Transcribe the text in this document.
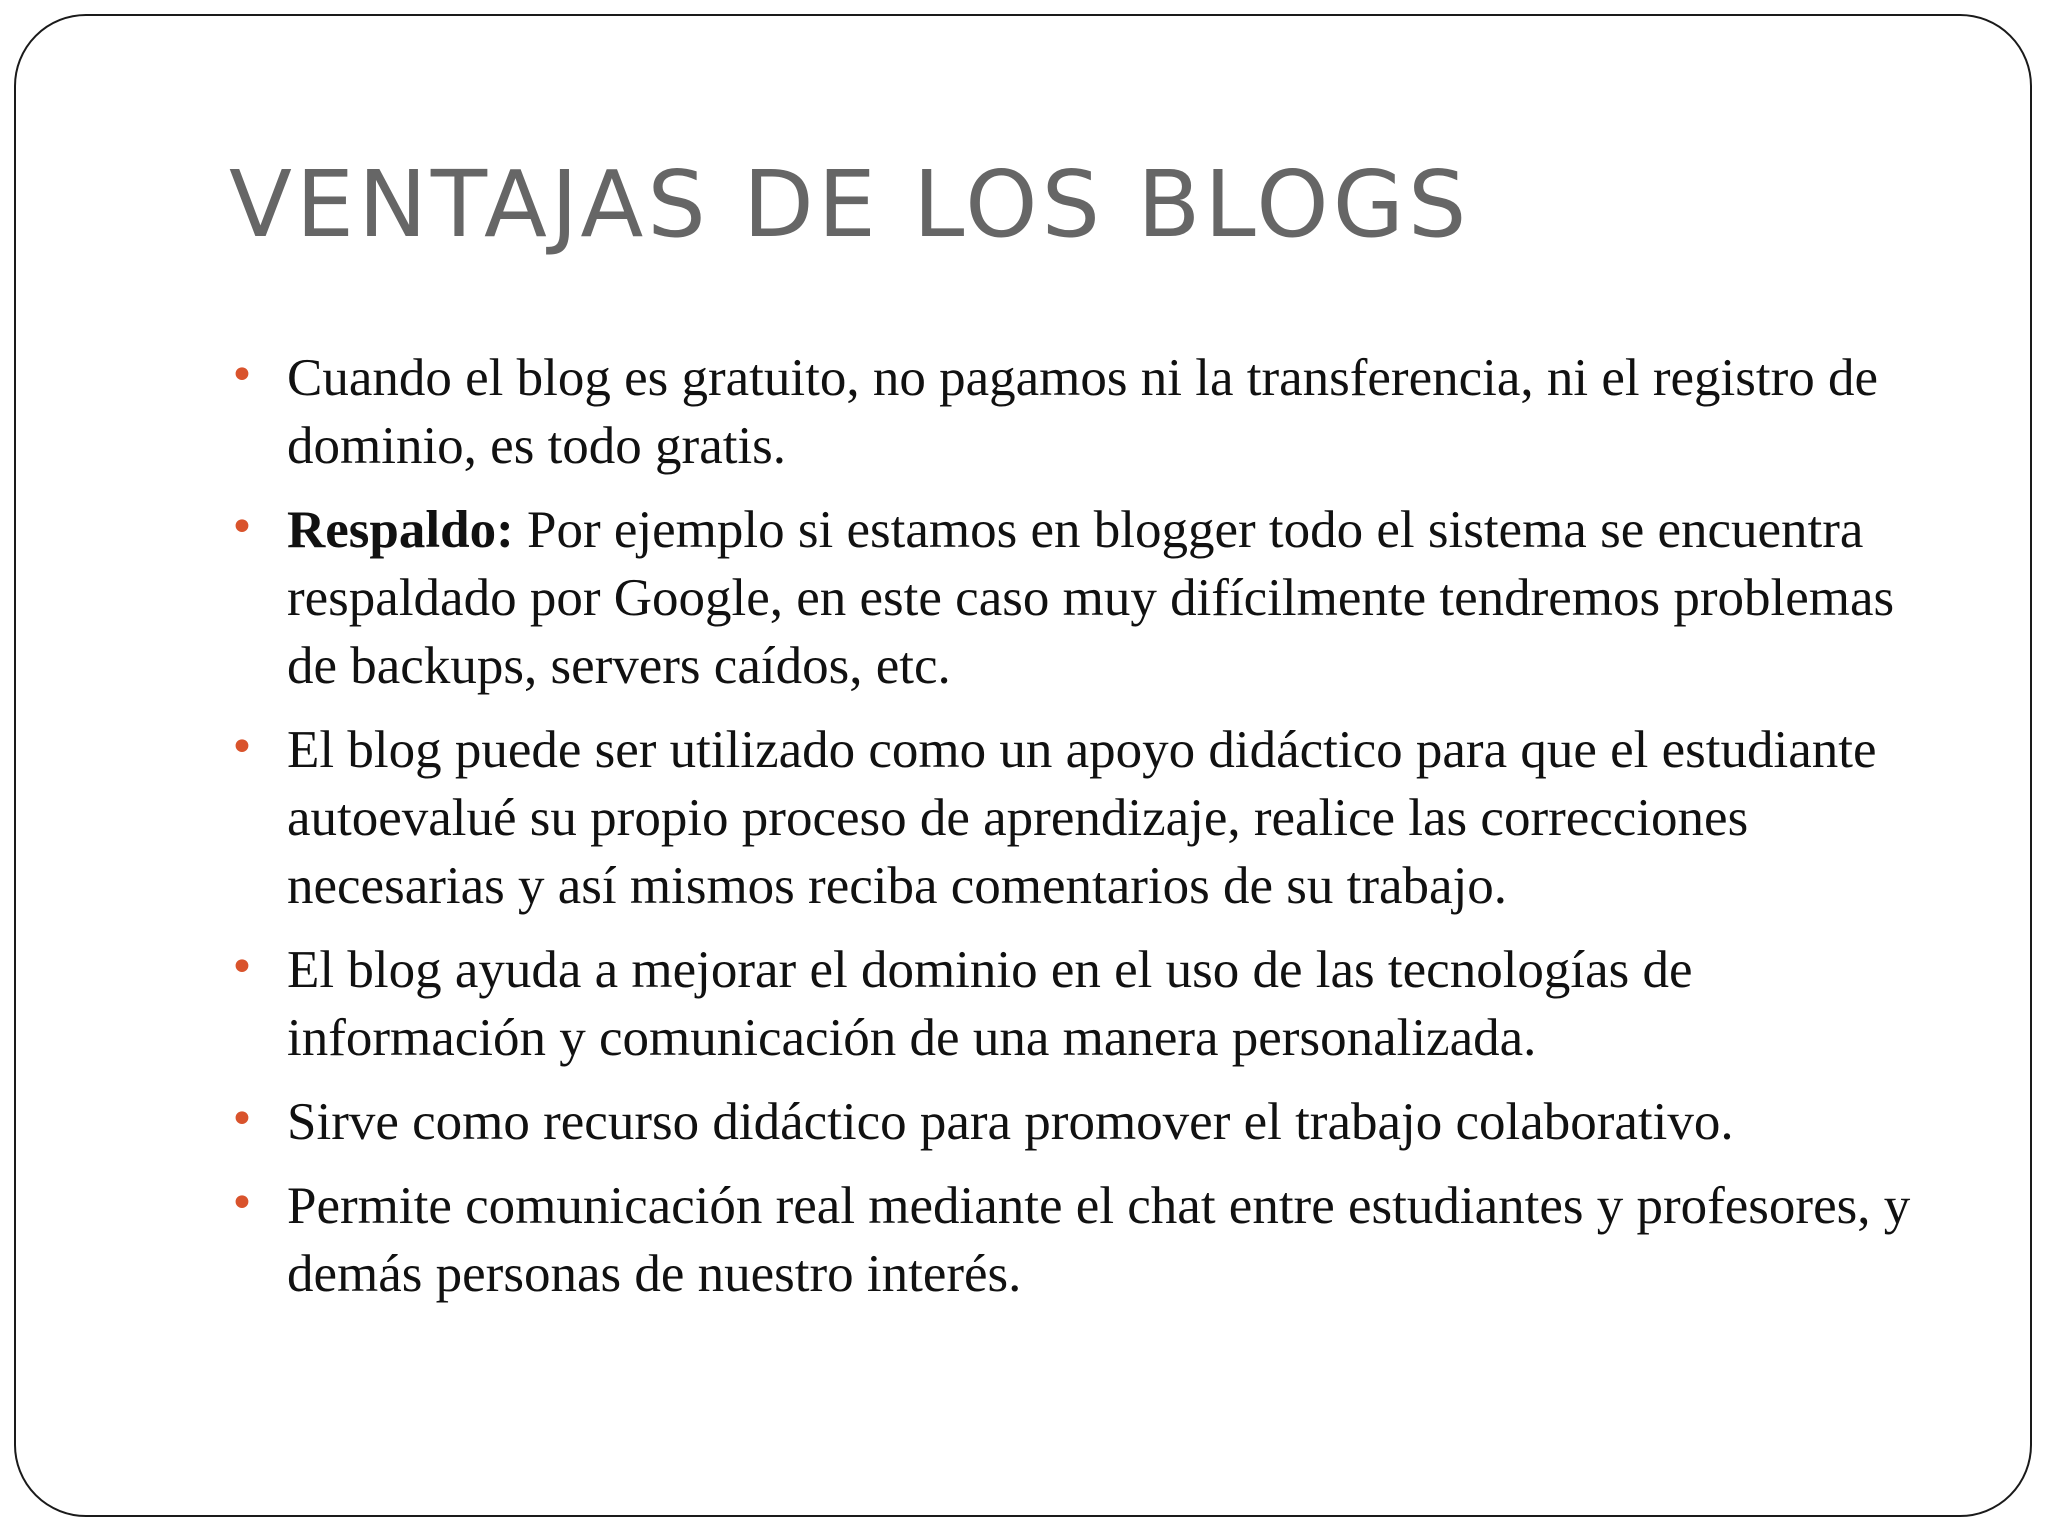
VENTAJAS DE LOS BLOGS
• Cuando el blog es gratuito, no pagamos ni la transferencia, ni el registro de dominio, es todo gratis.
• Respaldo: Por ejemplo si estamos en blogger todo el sistema se encuentra respaldado por Google, en este caso muy difícilmente tendremos problemas de backups, servers caídos, etc.
• El blog puede ser utilizado como un apoyo didáctico para que el estudiante autoevalué su propio proceso de aprendizaje, realice las correcciones necesarias y así mismos reciba comentarios de su trabajo.
• El blog ayuda a mejorar el dominio en el uso de las tecnologías de información y comunicación de una manera personalizada.
• Sirve como recurso didáctico para promover el trabajo colaborativo.
• Permite comunicación real mediante el chat entre estudiantes y profesores, y demás personas de nuestro interés.
